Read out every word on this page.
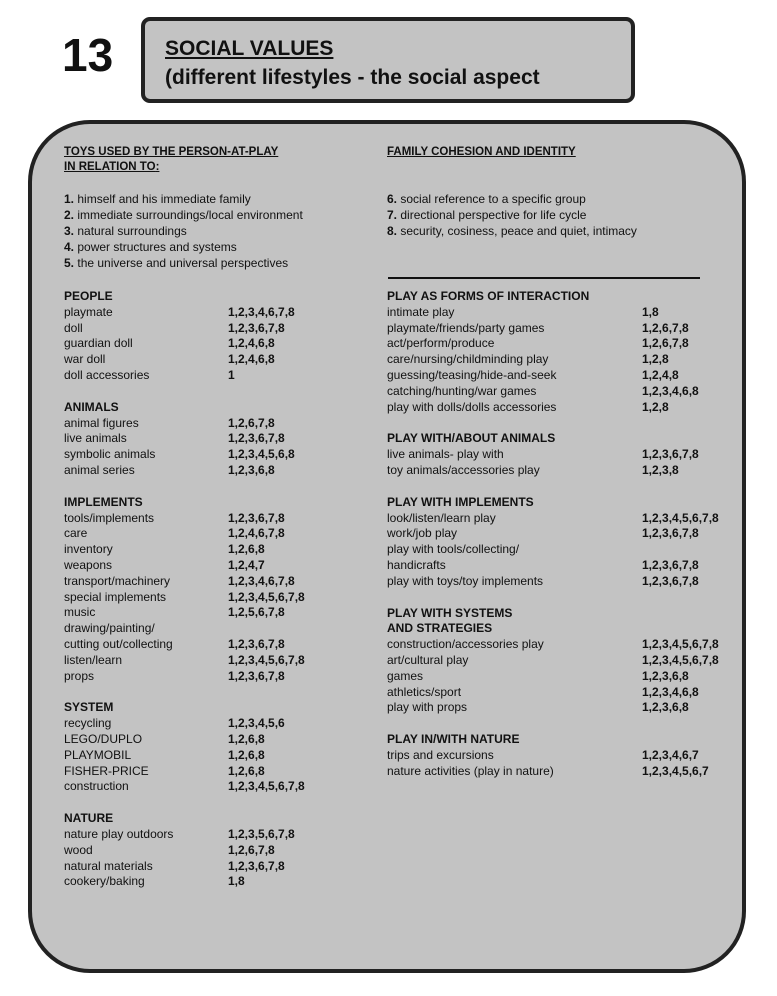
13 SOCIAL VALUES
(different lifestyles - the social aspect
TOYS USED BY THE PERSON-AT-PLAY
IN RELATION TO:
FAMILY COHESION AND IDENTITY
1. himself and his immediate family
2. immediate surroundings/local environment
3. natural surroundings
4. power structures and systems
5. the universe and universal perspectives
6. social reference to a specific group
7. directional perspective for life cycle
8. security, cosiness, peace and quiet, intimacy
PEOPLE
playmate	1,2,3,4,6,7,8
doll	1,2,3,6,7,8
guardian doll	1,2,4,6,8
war doll	1,2,4,6,8
doll accessories	1
ANIMALS
animal figures	1,2,6,7,8
live animals	1,2,3,6,7,8
symbolic animals	1,2,3,4,5,6,8
animal series	1,2,3,6,8
IMPLEMENTS
tools/implements	1,2,3,6,7,8
care	1,2,4,6,7,8
inventory	1,2,6,8
weapons	1,2,4,7
transport/machinery	1,2,3,4,6,7,8
special implements	1,2,3,4,5,6,7,8
music	1,2,5,6,7,8
drawing/painting/
cutting out/collecting	1,2,3,6,7,8
listen/learn	1,2,3,4,5,6,7,8
props	1,2,3,6,7,8
SYSTEM
recycling	1,2,3,4,5,6
LEGO/DUPLO	1,2,6,8
PLAYMOBIL	1,2,6,8
FISHER-PRICE	1,2,6,8
construction	1,2,3,4,5,6,7,8
NATURE
nature play outdoors	1,2,3,5,6,7,8
wood	1,2,6,7,8
natural materials	1,2,3,6,7,8
cookery/baking	1,8
PLAY AS FORMS OF INTERACTION
intimate play	1,8
playmate/friends/party games	1,2,6,7,8
act/perform/produce	1,2,6,7,8
care/nursing/childminding play	1,2,8
guessing/teasing/hide-and-seek	1,2,4,8
catching/hunting/war games	1,2,3,4,6,8
play with dolls/dolls accessories	1,2,8
PLAY WITH/ABOUT ANIMALS
live animals- play with	1,2,3,6,7,8
toy animals/accessories play	1,2,3,8
PLAY WITH IMPLEMENTS
look/listen/learn play	1,2,3,4,5,6,7,8
work/job play	1,2,3,6,7,8
play with tools/collecting/
handicrafts	1,2,3,6,7,8
play with toys/toy implements	1,2,3,6,7,8
PLAY WITH SYSTEMS
AND STRATEGIES
construction/accessories play	1,2,3,4,5,6,7,8
art/cultural play	1,2,3,4,5,6,7,8
games	1,2,3,6,8
athletics/sport	1,2,3,4,6,8
play with props	1,2,3,6,8
PLAY IN/WITH NATURE
trips and excursions	1,2,3,4,6,7
nature activities (play in nature)	1,2,3,4,5,6,7
